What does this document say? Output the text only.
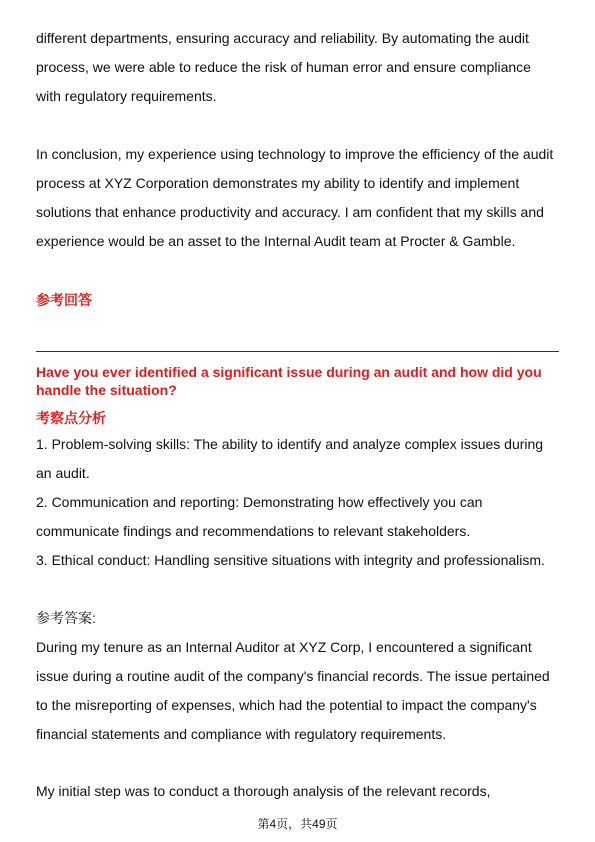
different departments, ensuring accuracy and reliability. By automating the audit process, we were able to reduce the risk of human error and ensure compliance with regulatory requirements.

In conclusion, my experience using technology to improve the efficiency of the audit process at XYZ Corporation demonstrates my ability to identify and implement solutions that enhance productivity and accuracy. I am confident that my skills and experience would be an asset to the Internal Audit team at Procter & Gamble.

参考回答

Have you ever identified a significant issue during an audit and how did you handle the situation?

考察点分析

1. Problem-solving skills: The ability to identify and analyze complex issues during an audit.

2. Communication and reporting: Demonstrating how effectively you can communicate findings and recommendations to relevant stakeholders.

3. Ethical conduct: Handling sensitive situations with integrity and professionalism.

参考答案:

During my tenure as an Internal Auditor at XYZ Corp, I encountered a significant issue during a routine audit of the company's financial records. The issue pertained to the misreporting of expenses, which had the potential to impact the company's financial statements and compliance with regulatory requirements.

My initial step was to conduct a thorough analysis of the relevant records,

第4页，共49页
